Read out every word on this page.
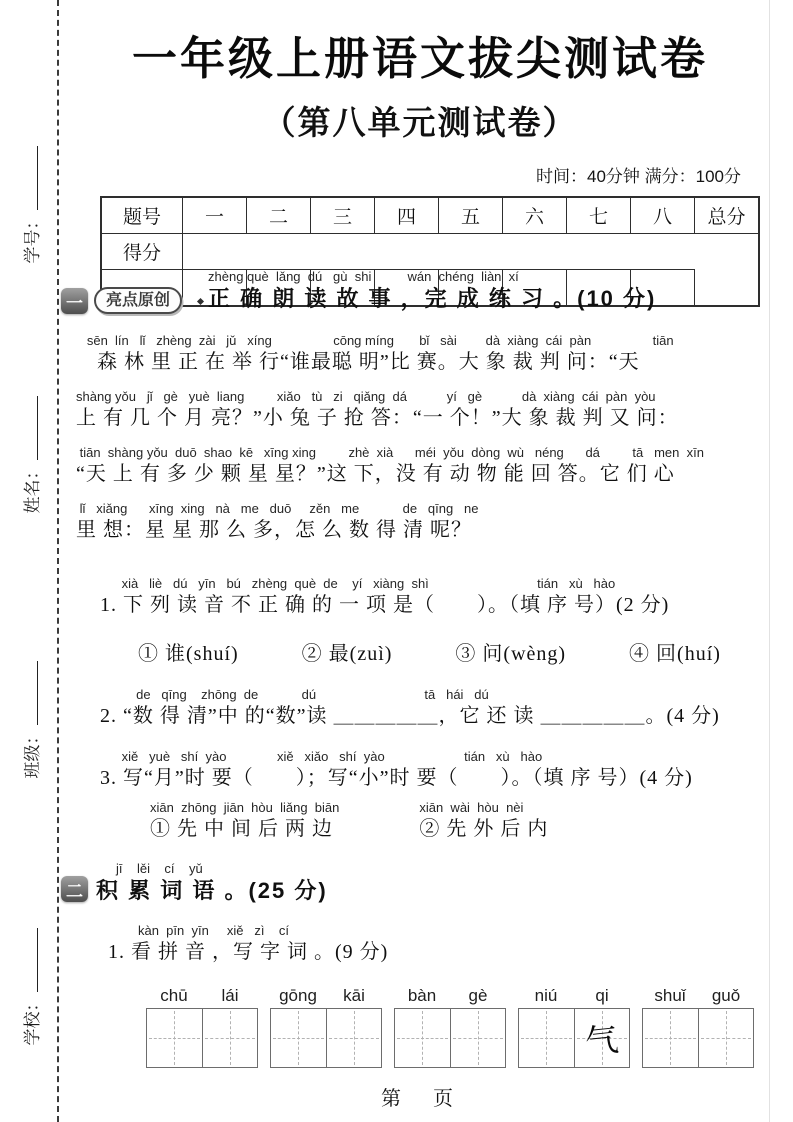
学号：
姓名：
班级：
学校：
一年级上册语文拔尖测试卷
（第八单元测试卷）
时间：40分钟 满分：100分
题号	一	二	三	四	五	六	七	八	总分
得分

一	亮点原创
zhèng què  lǎng  dú   gù  shi          wán  chéng  liàn  xí
正 确 朗 读 故 事 ，完 成 练 习 。(10 分)
sēn  lín   lǐ   zhèng  zài   jǔ   xíng                 cōng míng       bǐ   sài        dà  xiàng  cái  pàn                 tiān
　森 林 里 正 在 举 行“谁最聪 明”比 赛。大 象 裁 判 问：“天
shàng yǒu   jǐ   gè   yuè  liang         xiǎo   tù   zi   qiǎng  dá           yí   gè           dà  xiàng  cái  pàn  yòu
上 有 几 个 月 亮？”小 兔 子 抢 答：“一 个！”大 象 裁 判 又 问：
tiān  shàng yǒu  duō  shao  kē   xīng xing         zhè  xià      méi  yǒu  dòng  wù   néng      dá         tā   men  xīn
“天 上 有 多 少 颗 星 星？”这 下，没 有 动 物 能 回 答。它 们 心
lǐ   xiǎng      xīng  xing   nà   me   duō     zěn   me            de   qīng   ne
里 想：星 星 那 么 多，怎 么 数 得 清 呢？
xià   liè   dú   yīn   bú   zhèng  què  de    yí   xiàng  shì                              tián   xù   hào
1. 下 列 读 音 不 正 确 的 一 项 是（　　）。（填 序 号）(2 分)
① 谁(shuí)　　　② 最(zuì)　　　③ 问(wèng)　　　④ 回(huí)
de   qīng    zhōng  de            dú                              tā   hái   dú
2. “数 得 清”中 的“数”读 ＿＿＿＿＿，它 还 读 ＿＿＿＿＿。(4 分)
xiě   yuè   shí  yào              xiě   xiǎo   shí  yào                      tián   xù   hào
3. 写“月”时 要（　　）；写“小”时 要（　　）。（填 序 号）(4 分)
xiān  zhōng  jiān  hòu  liǎng  biān
① 先 中 间 后 两 边
xiān  wài  hòu  nèi
② 先 外 后 内
二
jī    lěi    cí    yǔ
积 累 词 语 。(25 分)
kàn  pīn  yīn     xiě   zì    cí
1. 看 拼 音 ，写 字 词 。(9 分)
chū	lái	gōng	kāi	bàn	gè	niú	qi
气
shuǐ	guǒ
第　页
